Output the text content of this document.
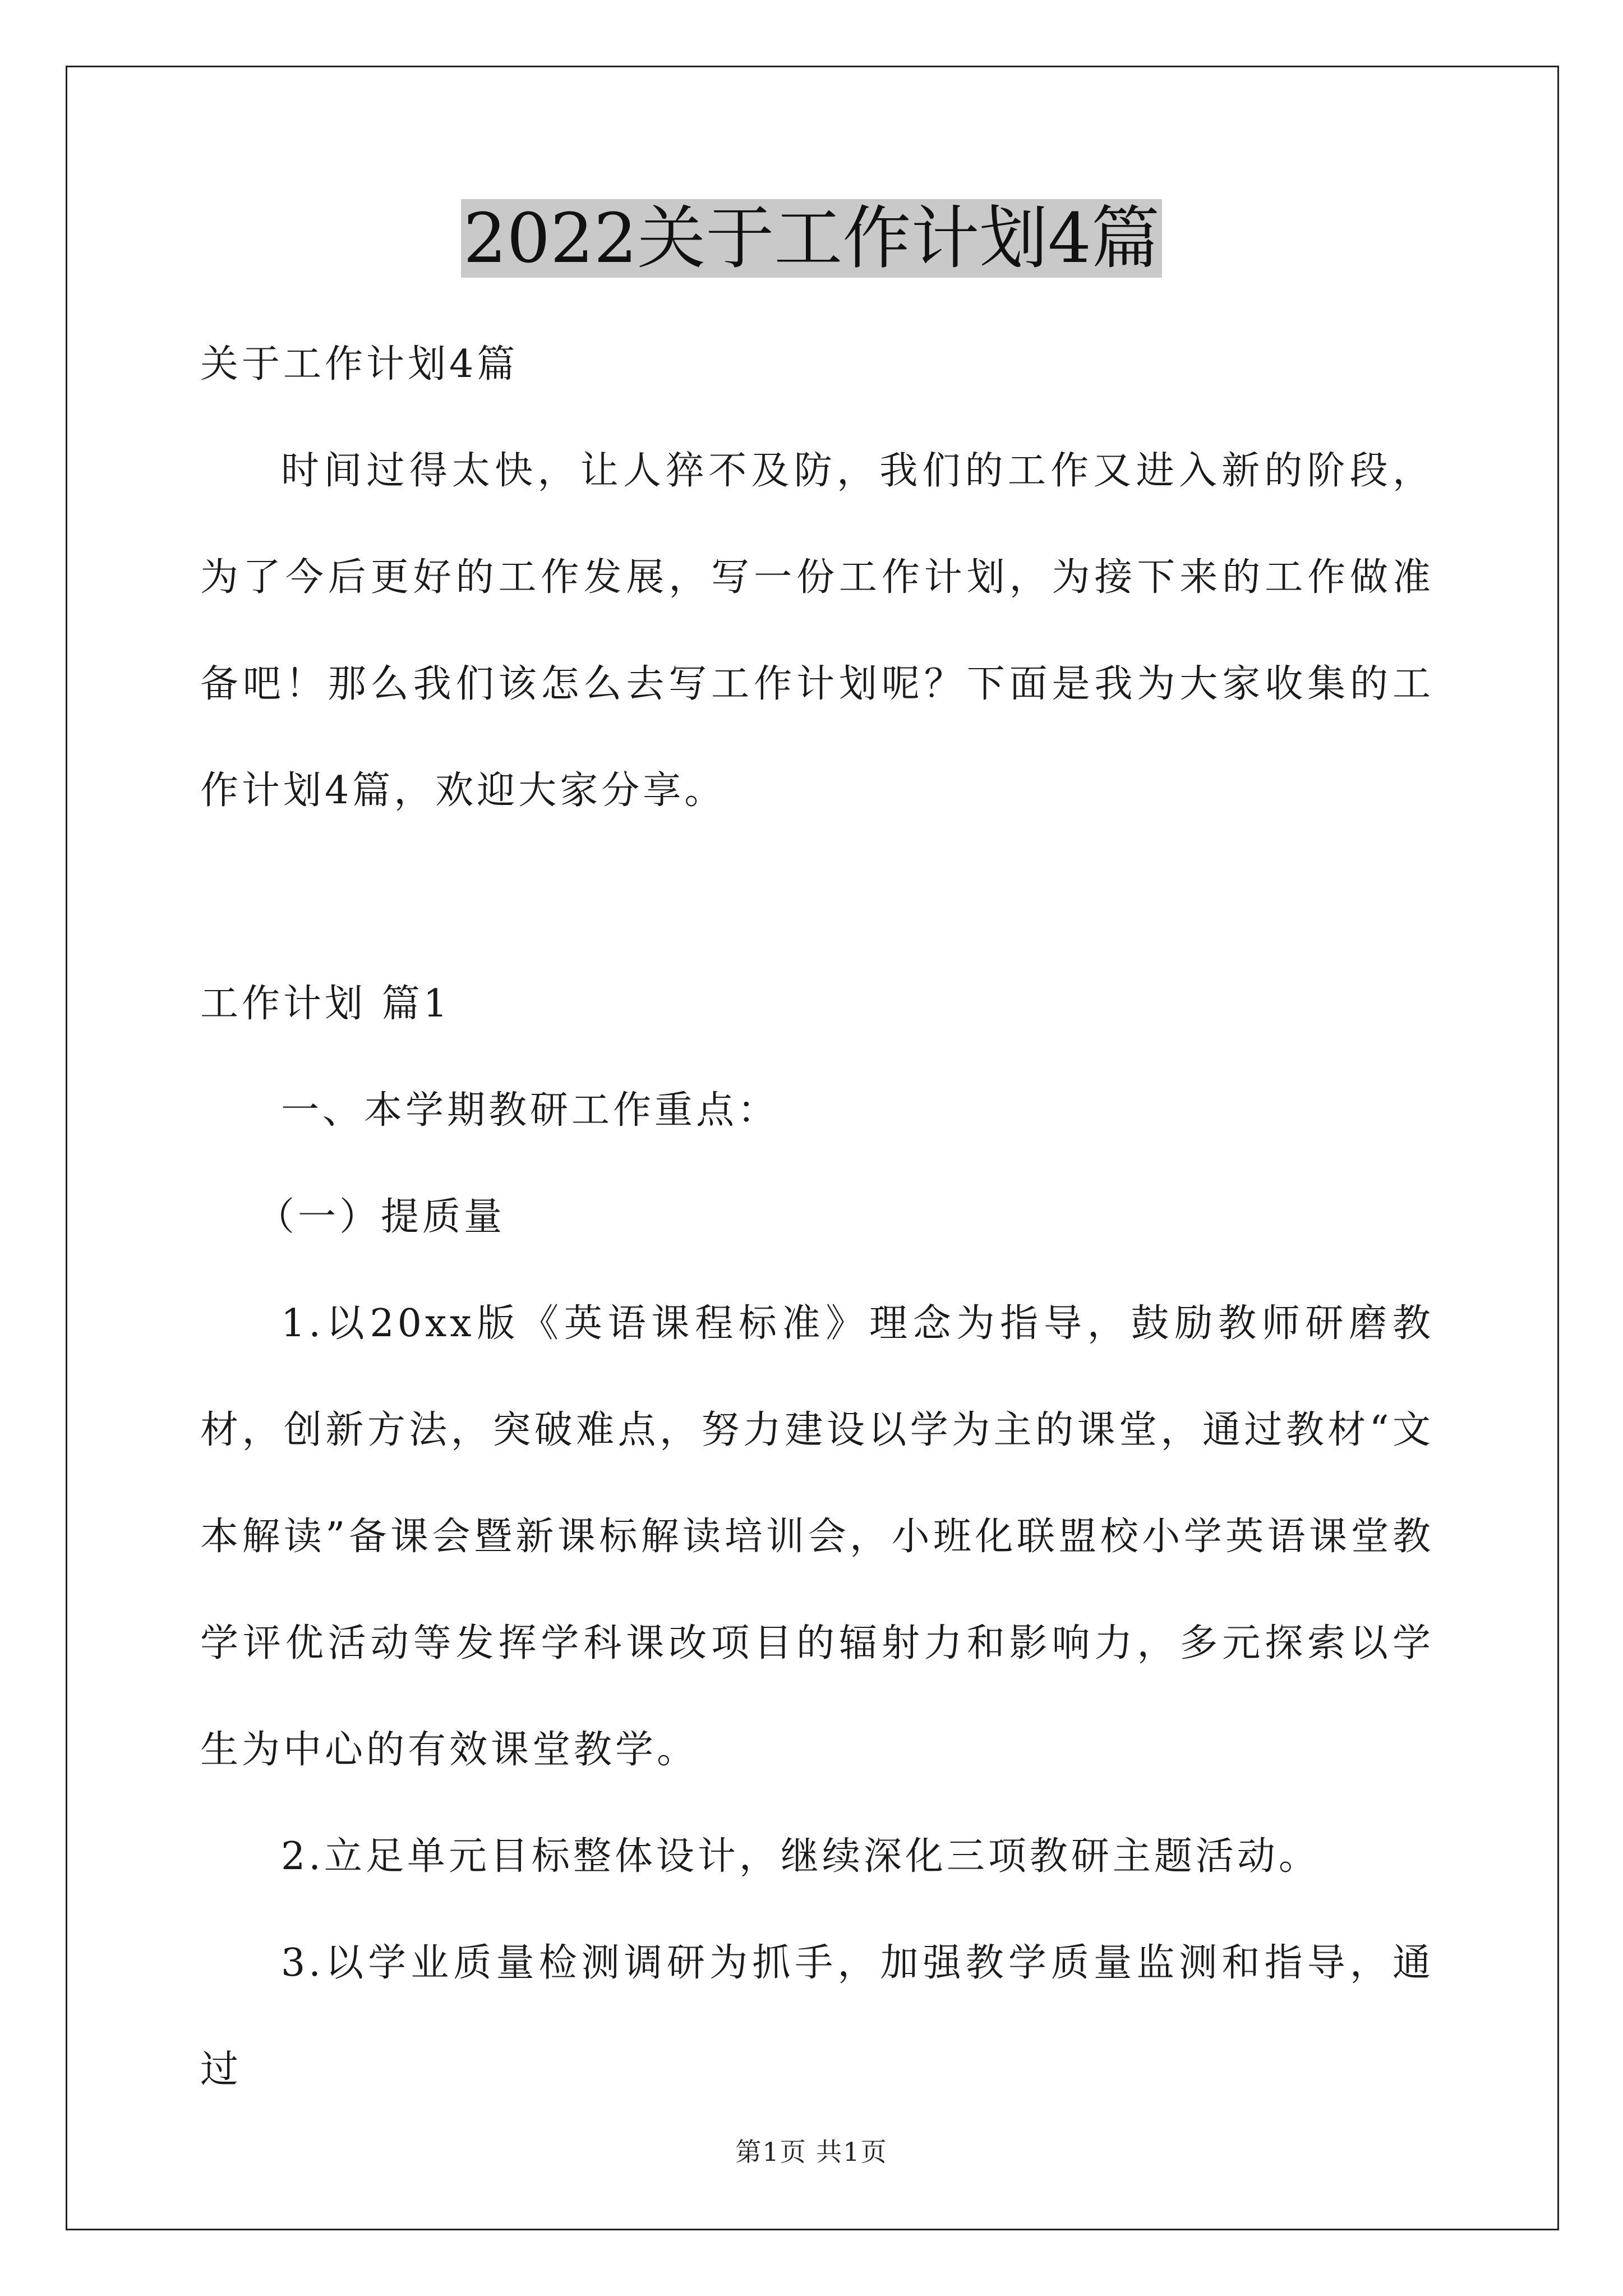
2022关于工作计划4篇

关于工作计划4篇

时间过得太快，让人猝不及防，我们的工作又进入新的阶段，为了今后更好的工作发展，写一份工作计划，为接下来的工作做准备吧！那么我们该怎么去写工作计划呢？下面是我为大家收集的工作计划4篇，欢迎大家分享。

工作计划 篇1

一、本学期教研工作重点：

（一）提质量

1.以20xx版《英语课程标准》理念为指导，鼓励教师研磨教材，创新方法，突破难点，努力建设以学为主的课堂，通过教材“文本解读”备课会暨新课标解读培训会，小班化联盟校小学英语课堂教学评优活动等发挥学科课改项目的辐射力和影响力，多元探索以学生为中心的有效课堂教学。

2.立足单元目标整体设计，继续深化三项教研主题活动。

3.以学业质量检测调研为抓手，加强教学质量监测和指导，通过

第1页 共1页
